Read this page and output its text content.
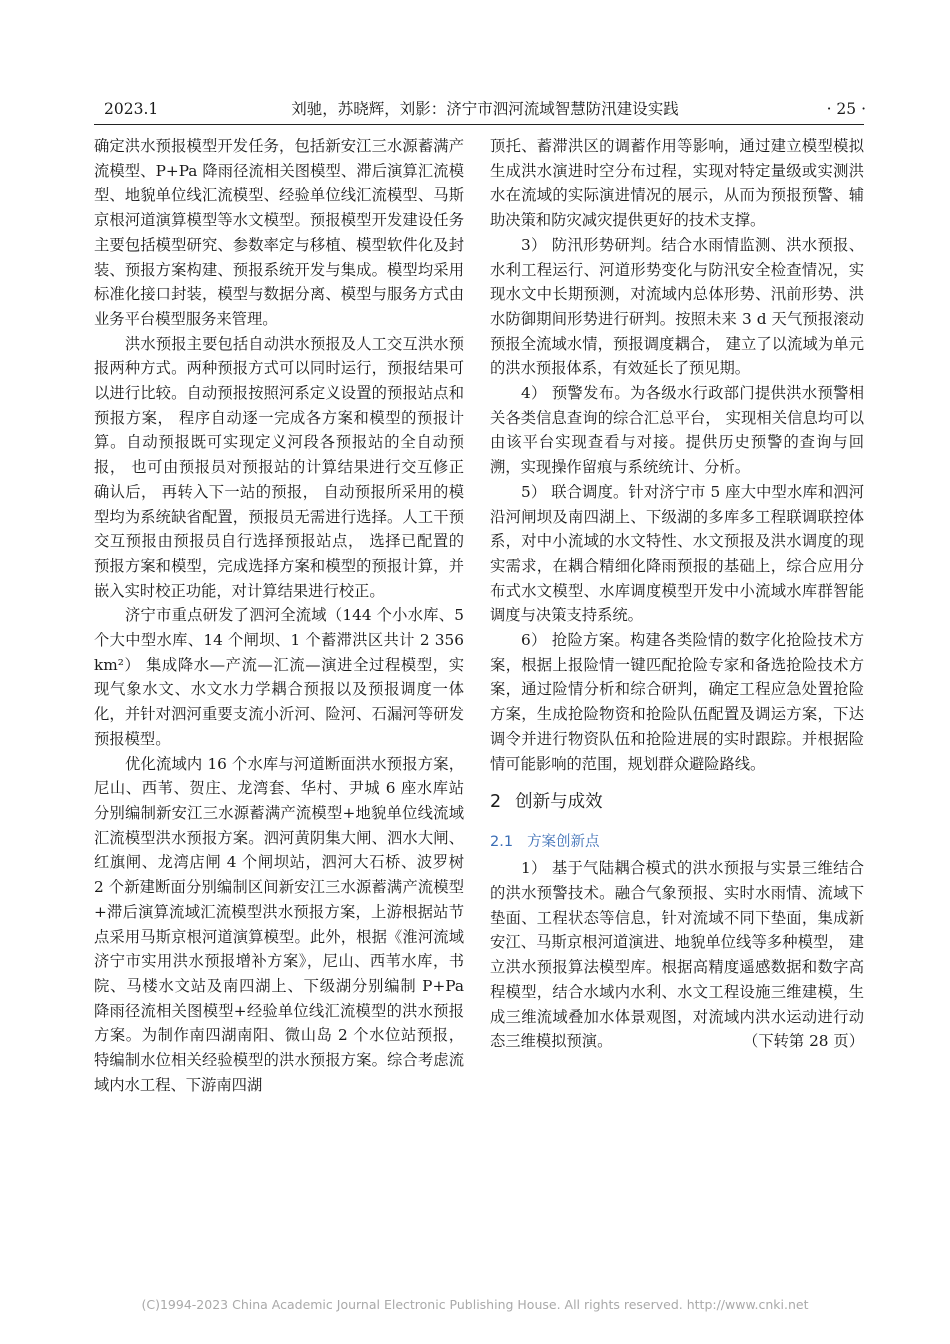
2023.1	刘驰，苏晓辉，刘影：济宁市泗河流域智慧防汛建设实践	· 25 ·

确定洪水预报模型开发任务，包括新安江三水源蓄满产流模型、P+Pa 降雨径流相关图模型、滞后演算汇流模型、地貌单位线汇流模型、经验单位线汇流模型、马斯京根河道演算模型等水文模型。预报模型开发建设任务主要包括模型研究、参数率定与移植、模型软件化及封装、预报方案构建、预报系统开发与集成。模型均采用标准化接口封装，模型与数据分离、模型与服务方式由业务平台模型服务来管理。

洪水预报主要包括自动洪水预报及人工交互洪水预报两种方式。两种预报方式可以同时运行，预报结果可以进行比较。自动预报按照河系定义设置的预报站点和预报方案， 程序自动逐一完成各方案和模型的预报计算。自动预报既可实现定义河段各预报站的全自动预报， 也可由预报员对预报站的计算结果进行交互修正确认后， 再转入下一站的预报， 自动预报所采用的模型均为系统缺省配置，预报员无需进行选择。人工干预交互预报由预报员自行选择预报站点， 选择已配置的预报方案和模型，完成选择方案和模型的预报计算，并嵌入实时校正功能，对计算结果进行校正。

济宁市重点研发了泗河全流域（144 个小水库、5 个大中型水库、14 个闸坝、1 个蓄滞洪区共计 2 356 km²） 集成降水—产流—汇流—演进全过程模型，实现气象水文、水文水力学耦合预报以及预报调度一体化，并针对泗河重要支流小沂河、险河、石漏河等研发预报模型。

优化流域内 16 个水库与河道断面洪水预报方案，尼山、西苇、贺庄、龙湾套、华村、尹城 6 座水库站分别编制新安江三水源蓄满产流模型+地貌单位线流域汇流模型洪水预报方案。泗河黄阴集大闸、泗水大闸、红旗闸、龙湾店闸 4 个闸坝站，泗河大石桥、波罗树 2 个新建断面分别编制区间新安江三水源蓄满产流模型+滞后演算流域汇流模型洪水预报方案，上游根据站节点采用马斯京根河道演算模型。此外，根据《淮河流域济宁市实用洪水预报增补方案》，尼山、西苇水库，书院、马楼水文站及南四湖上、下级湖分别编制 P+Pa 降雨径流相关图模型+经验单位线汇流模型的洪水预报方案。为制作南四湖南阳、微山岛 2 个水位站预报，特编制水位相关经验模型的洪水预报方案。综合考虑流域内水工程、下游南四湖

顶托、蓄滞洪区的调蓄作用等影响，通过建立模型模拟生成洪水演进时空分布过程，实现对特定量级或实测洪水在流域的实际演进情况的展示，从而为预报预警、辅助决策和防灾减灾提供更好的技术支撑。

3） 防汛形势研判。结合水雨情监测、洪水预报、水利工程运行、河道形势变化与防汛安全检查情况，实现水文中长期预测，对流域内总体形势、汛前形势、洪水防御期间形势进行研判。按照未来 3 d 天气预报滚动预报全流域水情，预报调度耦合， 建立了以流域为单元的洪水预报体系，有效延长了预见期。

4） 预警发布。为各级水行政部门提供洪水预警相关各类信息查询的综合汇总平台， 实现相关信息均可以由该平台实现查看与对接。提供历史预警的查询与回溯，实现操作留痕与系统统计、分析。

5） 联合调度。针对济宁市 5 座大中型水库和泗河沿河闸坝及南四湖上、下级湖的多库多工程联调联控体系，对中小流域的水文特性、水文预报及洪水调度的现实需求，在耦合精细化降雨预报的基础上，综合应用分布式水文模型、水库调度模型开发中小流域水库群智能调度与决策支持系统。

6） 抢险方案。构建各类险情的数字化抢险技术方案，根据上报险情一键匹配抢险专家和备选抢险技术方案，通过险情分析和综合研判，确定工程应急处置抢险方案，生成抢险物资和抢险队伍配置及调运方案，下达调令并进行物资队伍和抢险进展的实时跟踪。并根据险情可能影响的范围，规划群众避险路线。

2 创新与成效
2.1 方案创新点

1） 基于气陆耦合模式的洪水预报与实景三维结合的洪水预警技术。融合气象预报、实时水雨情、流域下垫面、工程状态等信息，针对流域不同下垫面，集成新安江、马斯京根河道演进、地貌单位线等多种模型， 建立洪水预报算法模型库。根据高精度遥感数据和数字高程模型，结合水域内水利、水文工程设施三维建模，生成三维流域叠加水体景观图，对流域内洪水运动进行动态三维模拟预演。	（下转第 28 页）

(C)1994-2023 China Academic Journal Electronic Publishing House. All rights reserved. http://www.cnki.net
